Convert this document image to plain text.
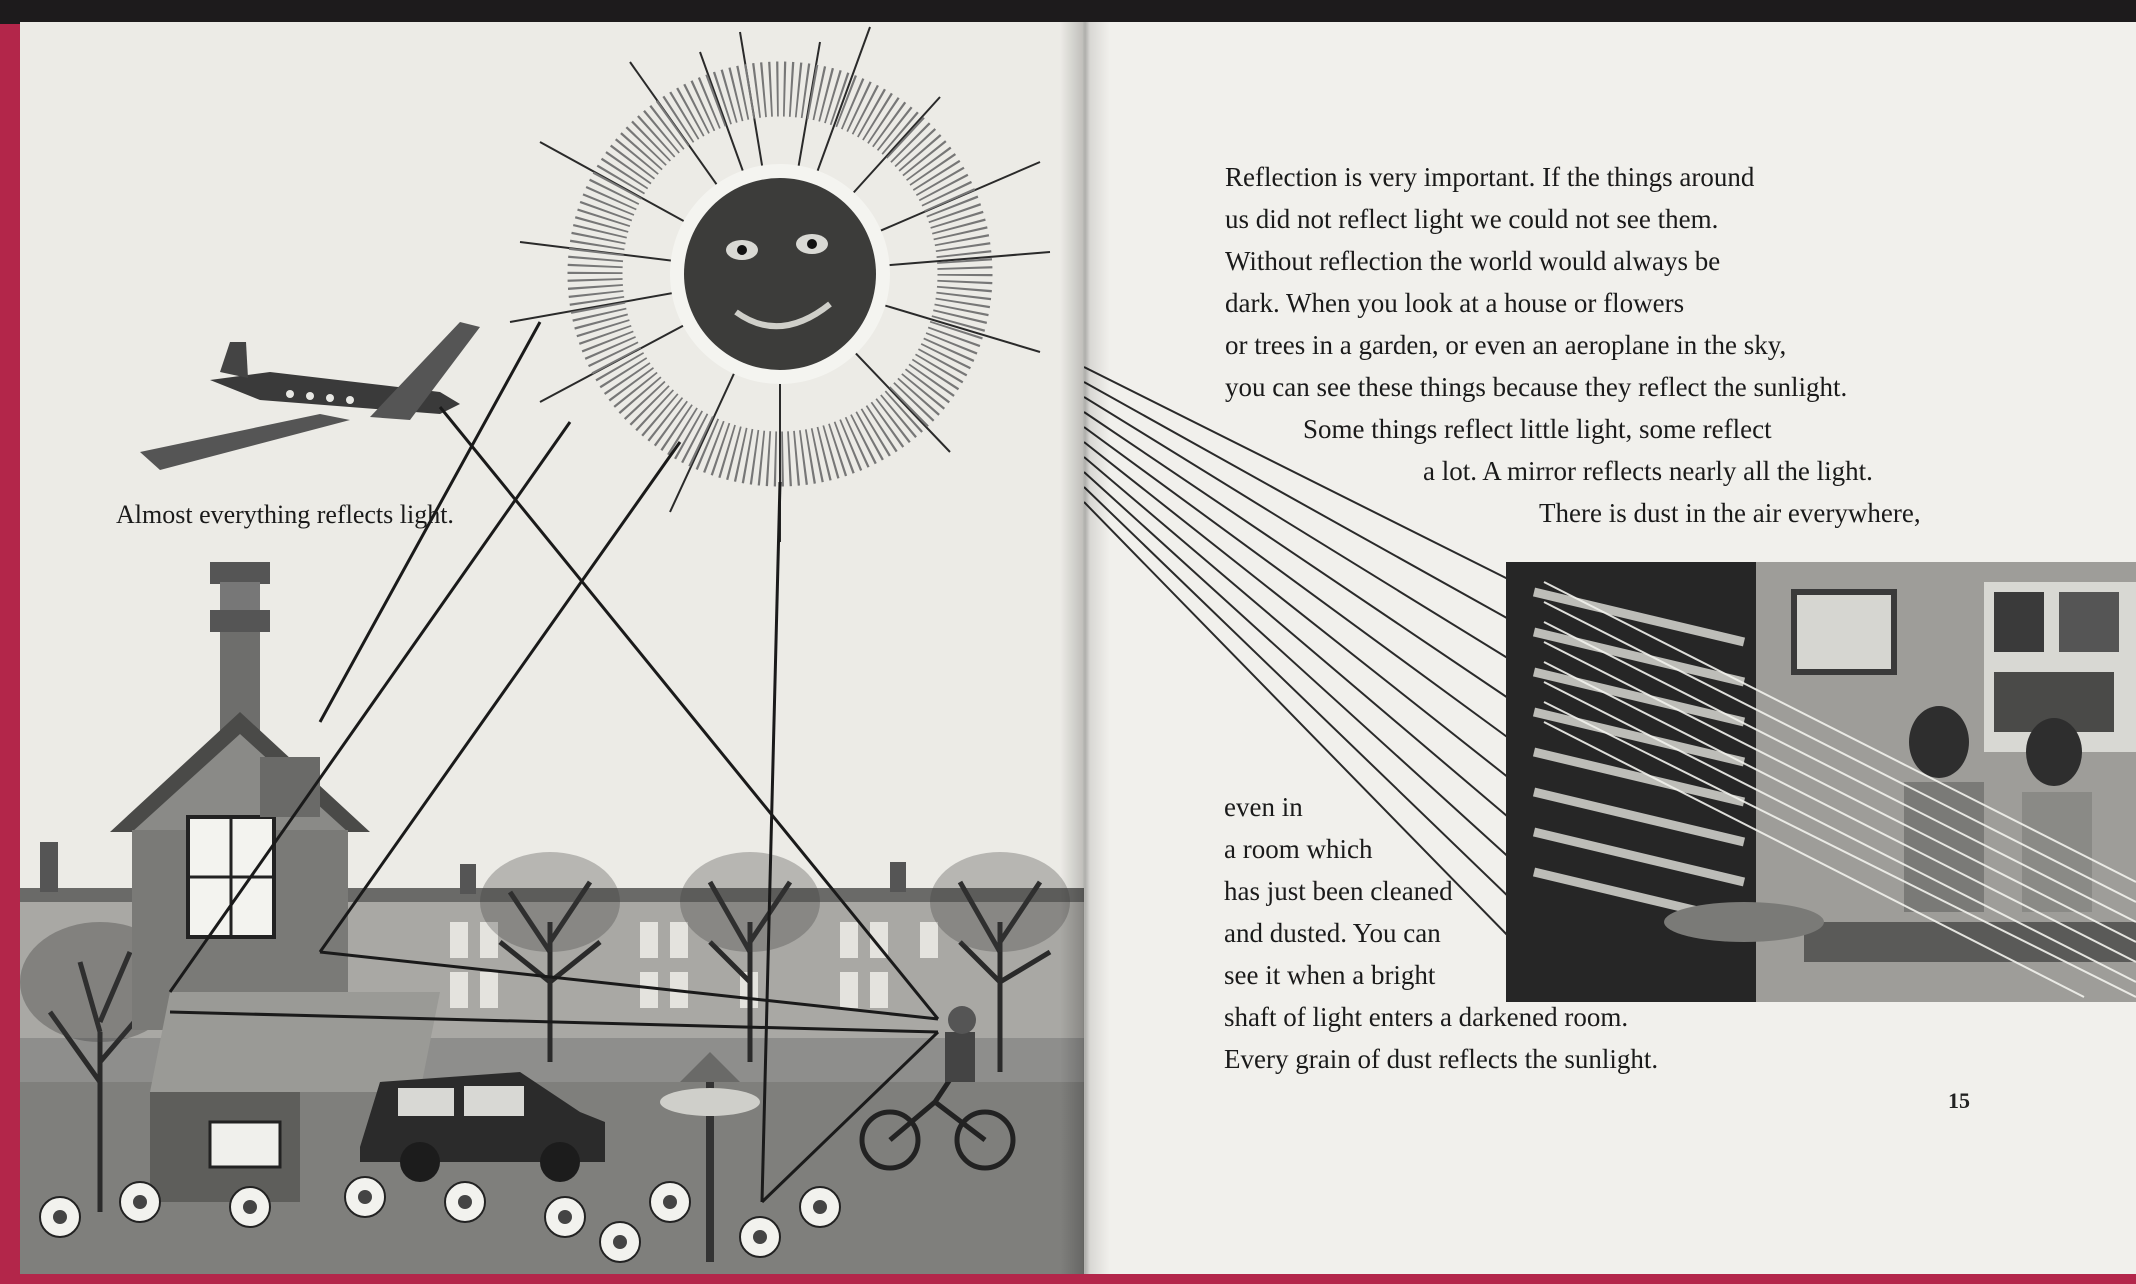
Almost everything reflects light.
Reflection is very important. If the things around
us did not reflect light we could not see them.
Without reflection the world would always be
dark. When you look at a house or flowers
or trees in a garden, or even an aeroplane in the sky,
you can see these things because they reflect the sunlight.
Some things reflect little light, some reflect
a lot. A mirror reflects nearly all the light.
There is dust in the air everywhere,
even in
a room which
has just been cleaned
and dusted. You can
see it when a bright
shaft of light enters a darkened room.
Every grain of dust reflects the sunlight.
15
